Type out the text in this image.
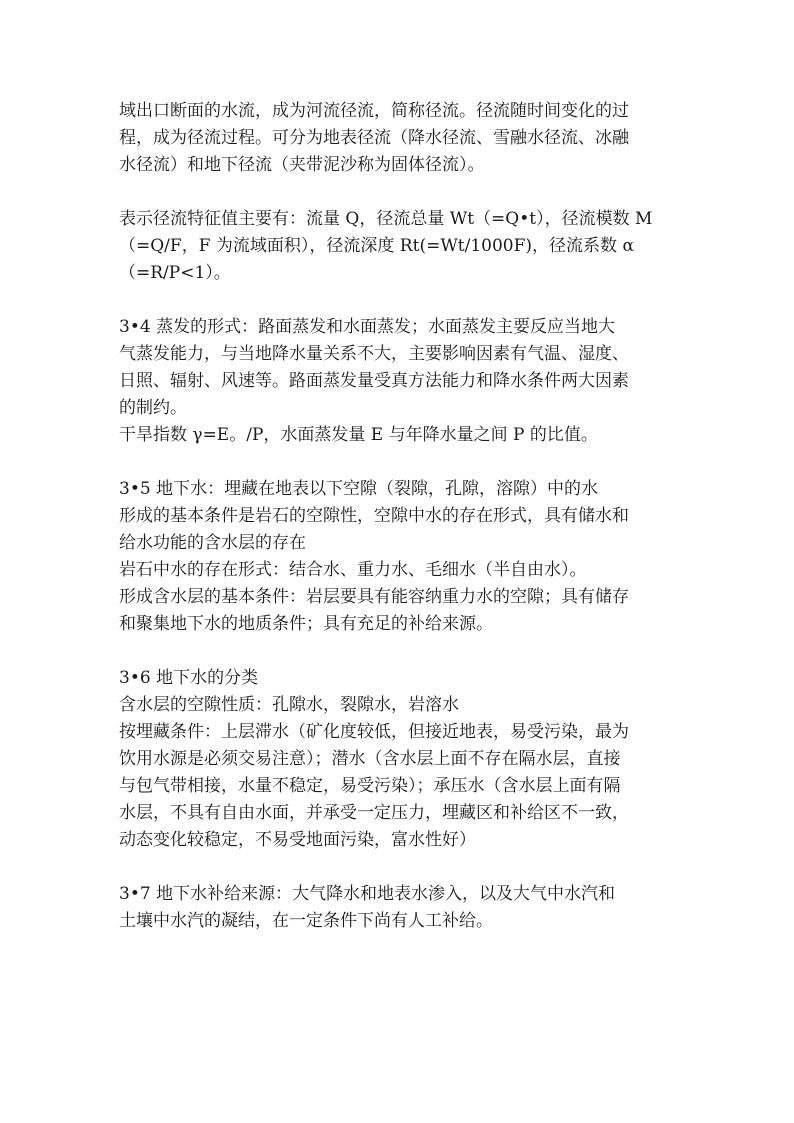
域出口断面的水流，成为河流径流，简称径流。径流随时间变化的过
程，成为径流过程。可分为地表径流（降水径流、雪融水径流、冰融
水径流）和地下径流（夹带泥沙称为固体径流）。

表示径流特征值主要有：流量 Q，径流总量 Wt（=Q•t），径流模数 M
（=Q/F，F 为流域面积），径流深度 Rt(=Wt/1000F)，径流系数 α
（=R/P<1）。

3•4 蒸发的形式：路面蒸发和水面蒸发；水面蒸发主要反应当地大
气蒸发能力，与当地降水量关系不大，主要影响因素有气温、湿度、
日照、辐射、风速等。路面蒸发量受真方法能力和降水条件两大因素
的制约。
干旱指数 γ=E。/P，水面蒸发量 E 与年降水量之间 P 的比值。

3•5 地下水：埋藏在地表以下空隙（裂隙，孔隙，溶隙）中的水
形成的基本条件是岩石的空隙性，空隙中水的存在形式，具有储水和
给水功能的含水层的存在
岩石中水的存在形式：结合水、重力水、毛细水（半自由水）。
形成含水层的基本条件：岩层要具有能容纳重力水的空隙；具有储存
和聚集地下水的地质条件；具有充足的补给来源。

3•6 地下水的分类
含水层的空隙性质：孔隙水，裂隙水，岩溶水
按埋藏条件：上层滞水（矿化度较低，但接近地表，易受污染，最为
饮用水源是必须交易注意）；潜水（含水层上面不存在隔水层，直接
与包气带相接，水量不稳定，易受污染）；承压水（含水层上面有隔
水层，不具有自由水面，并承受一定压力，埋藏区和补给区不一致，
动态变化较稳定，不易受地面污染，富水性好）

3•7 地下水补给来源：大气降水和地表水渗入，以及大气中水汽和
土壤中水汽的凝结，在一定条件下尚有人工补给。
